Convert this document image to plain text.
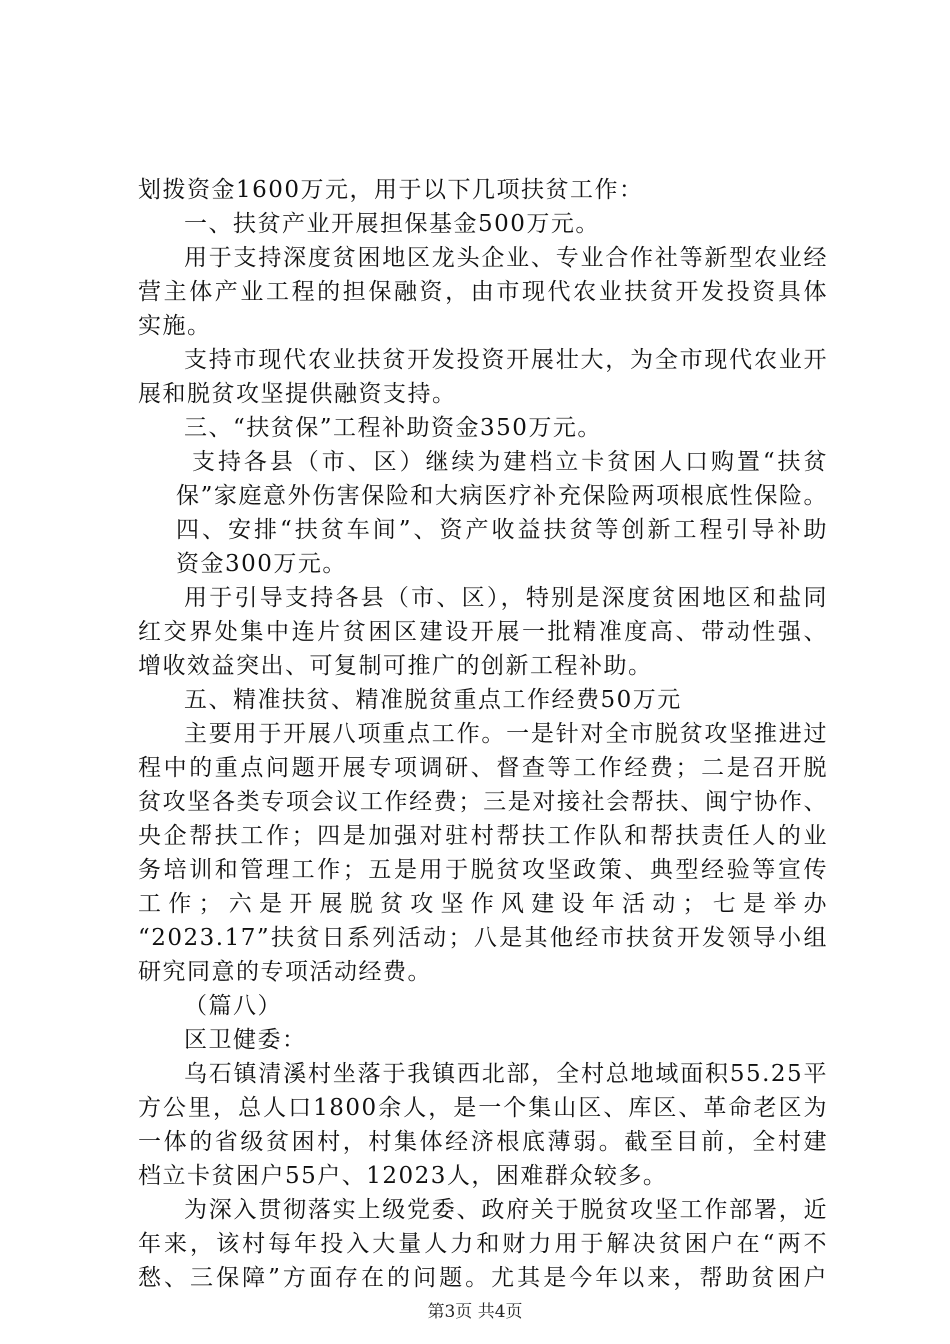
划拨资金1600万元，用于以下几项扶贫工作：
一、扶贫产业开展担保基金500万元。
用于支持深度贫困地区龙头企业、专业合作社等新型农业经
营主体产业工程的担保融资，由市现代农业扶贫开发投资具体
实施。
支持市现代农业扶贫开发投资开展壮大，为全市现代农业开
展和脱贫攻坚提供融资支持。
三、“扶贫保”工程补助资金350万元。
支持各县（市、区）继续为建档立卡贫困人口购置“扶贫
保”家庭意外伤害保险和大病医疗补充保险两项根底性保险。
四、安排“扶贫车间”、资产收益扶贫等创新工程引导补助
资金300万元。
用于引导支持各县（市、区），特别是深度贫困地区和盐同
红交界处集中连片贫困区建设开展一批精准度高、带动性强、
增收效益突出、可复制可推广的创新工程补助。
五、精准扶贫、精准脱贫重点工作经费50万元
主要用于开展八项重点工作。一是针对全市脱贫攻坚推进过
程中的重点问题开展专项调研、督查等工作经费；二是召开脱
贫攻坚各类专项会议工作经费；三是对接社会帮扶、闽宁协作、
央企帮扶工作；四是加强对驻村帮扶工作队和帮扶责任人的业
务培训和管理工作；五是用于脱贫攻坚政策、典型经验等宣传
工作；六是开展脱贫攻坚作风建设年活动；七是举办
“2023.17”扶贫日系列活动；八是其他经市扶贫开发领导小组
研究同意的专项活动经费。
（篇八）
区卫健委：
乌石镇清溪村坐落于我镇西北部，全村总地域面积55.25平
方公里，总人口1800余人，是一个集山区、库区、革命老区为
一体的省级贫困村，村集体经济根底薄弱。截至目前，全村建
档立卡贫困户55户、12023人，困难群众较多。
为深入贯彻落实上级党委、政府关于脱贫攻坚工作部署，近
年来，该村每年投入大量人力和财力用于解决贫困户在“两不
愁、三保障”方面存在的问题。尤其是今年以来，帮助贫困户
第3页 共4页
